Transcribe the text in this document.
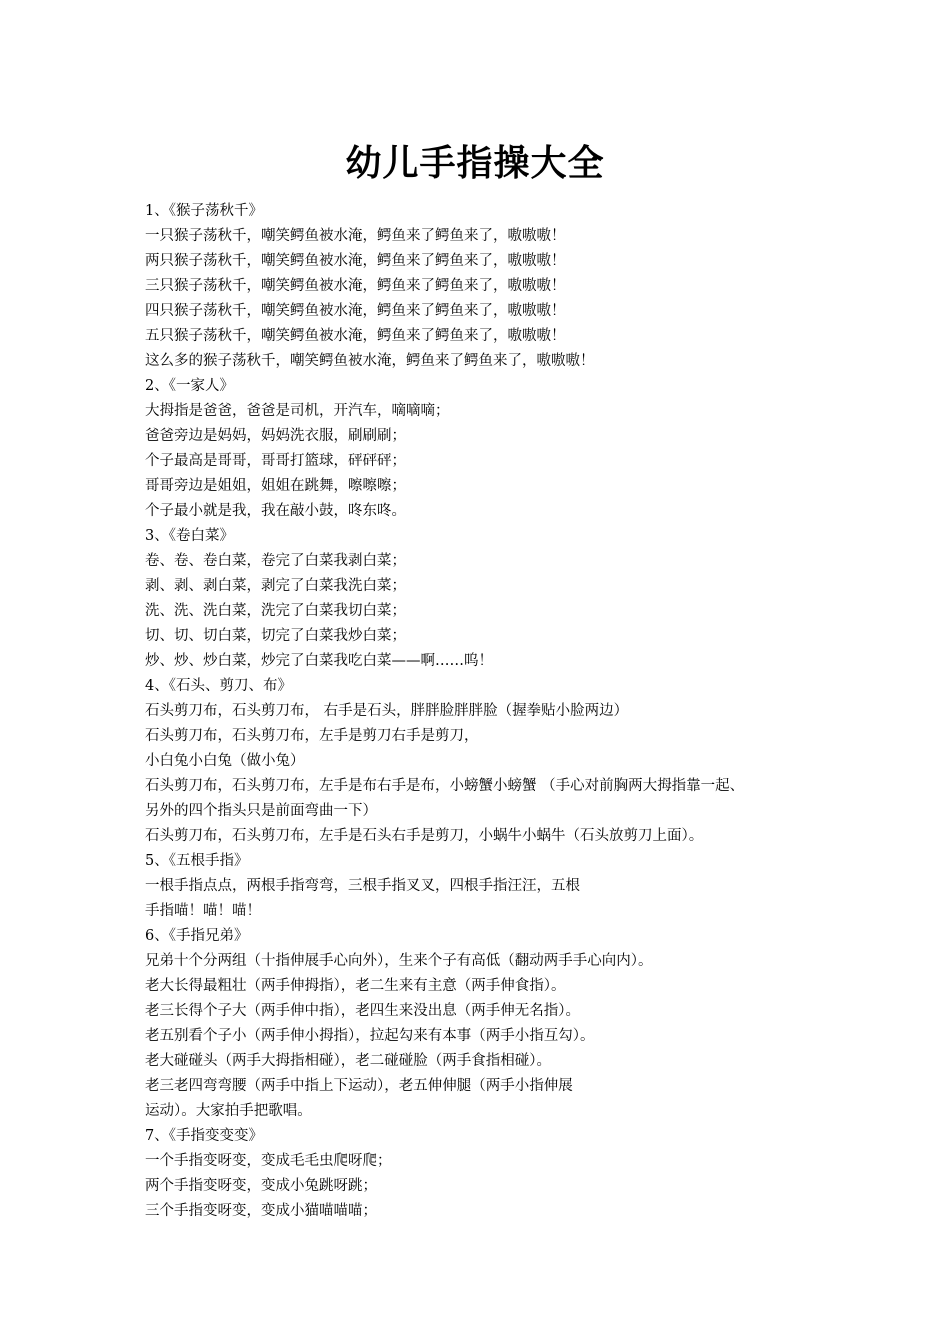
幼儿手指操大全
1、《猴子荡秋千》
一只猴子荡秋千，嘲笑鳄鱼被水淹，鳄鱼来了鳄鱼来了，嗷嗷嗷！
两只猴子荡秋千，嘲笑鳄鱼被水淹，鳄鱼来了鳄鱼来了，嗷嗷嗷！
三只猴子荡秋千，嘲笑鳄鱼被水淹，鳄鱼来了鳄鱼来了，嗷嗷嗷！
四只猴子荡秋千，嘲笑鳄鱼被水淹，鳄鱼来了鳄鱼来了，嗷嗷嗷！
五只猴子荡秋千，嘲笑鳄鱼被水淹，鳄鱼来了鳄鱼来了，嗷嗷嗷！
这么多的猴子荡秋千，嘲笑鳄鱼被水淹，鳄鱼来了鳄鱼来了，嗷嗷嗷！
2、《一家人》
大拇指是爸爸，爸爸是司机，开汽车，嘀嘀嘀；
爸爸旁边是妈妈，妈妈洗衣服，刷刷刷；
个子最高是哥哥，哥哥打篮球，砰砰砰；
哥哥旁边是姐姐，姐姐在跳舞，嚓嚓嚓；
个子最小就是我，我在敲小鼓，咚东咚。
3、《卷白菜》
卷、卷、卷白菜，卷完了白菜我剥白菜；
剥、剥、剥白菜，剥完了白菜我洗白菜；
洗、洗、洗白菜，洗完了白菜我切白菜；
切、切、切白菜，切完了白菜我炒白菜；
炒、炒、炒白菜，炒完了白菜我吃白菜——啊……呜！
4、《石头、剪刀、布》
石头剪刀布，石头剪刀布， 右手是石头，胖胖脸胖胖脸（握拳贴小脸两边）
石头剪刀布，石头剪刀布，左手是剪刀右手是剪刀，
小白兔小白兔（做小兔）
石头剪刀布，石头剪刀布，左手是布右手是布，小螃蟹小螃蟹 （手心对前胸两大拇指靠一起、
另外的四个指头只是前面弯曲一下）
石头剪刀布，石头剪刀布，左手是石头右手是剪刀，小蜗牛小蜗牛（石头放剪刀上面）。
5、《五根手指》
一根手指点点，两根手指弯弯，三根手指叉叉，四根手指汪汪，五根
手指喵！喵！喵！
6、《手指兄弟》
兄弟十个分两组（十指伸展手心向外），生来个子有高低（翻动两手手心向内）。
老大长得最粗壮（两手伸拇指），老二生来有主意（两手伸食指）。
老三长得个子大（两手伸中指），老四生来没出息（两手伸无名指）。
老五别看个子小（两手伸小拇指），拉起勾来有本事（两手小指互勾）。
老大碰碰头（两手大拇指相碰），老二碰碰脸（两手食指相碰）。
老三老四弯弯腰（两手中指上下运动），老五伸伸腿（两手小指伸展
运动）。大家拍手把歌唱。
7、《手指变变变》
一个手指变呀变，变成毛毛虫爬呀爬；
两个手指变呀变，变成小兔跳呀跳；
三个手指变呀变，变成小猫喵喵喵；
